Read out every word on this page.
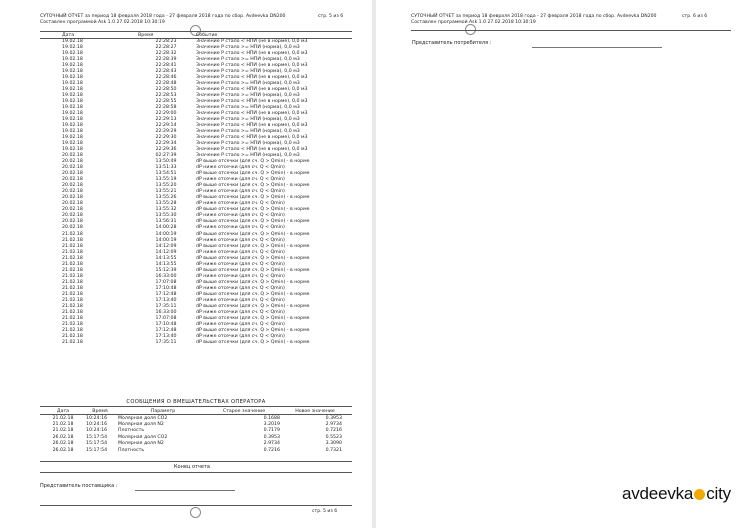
СУТОЧНЫЙ ОТЧЕТ за период 18 февраля 2018 года - 27 февраля 2018 года по сбор. Avdeevka DN200
Составлен программой Ask 1.0 27.02.2018 10:30:19
стр. 5 из 6
Дата	Время	Событие
19.02.18	22:28:23	Значение P стало < НПИ (не в норме), 0,0 м3
19.02.18	22:28:27	Значение P стало >= НПИ (норма), 0,0 м3
19.02.18	22:28:32	Значение P стало < НПИ (не в норме), 0,0 м3
19.02.18	22:28:39	Значение P стало >= НПИ (норма), 0,0 м3
19.02.18	22:28:41	Значение P стало < НПИ (не в норме), 0,0 м3
19.02.18	22:28:43	Значение P стало >= НПИ (норма), 0,0 м3
19.02.18	22:28:46	Значение P стало < НПИ (не в норме), 0,0 м3
19.02.18	22:28:48	Значение P стало >= НПИ (норма), 0,0 м3
19.02.18	22:28:50	Значение P стало < НПИ (не в норме), 0,0 м3
19.02.18	22:28:53	Значение P стало >= НПИ (норма), 0,0 м3
19.02.18	22:28:55	Значение P стало < НПИ (не в норме), 0,0 м3
19.02.18	22:28:58	Значение P стало >= НПИ (норма), 0,0 м3
19.02.18	22:29:00	Значение P стало < НПИ (не в норме), 0,0 м3
19.02.18	22:29:13	Значение P стало >= НПИ (норма), 0,0 м3
19.02.18	22:29:14	Значение P стало < НПИ (не в норме), 0,0 м3
19.02.18	22:29:29	Значение P стало >= НПИ (норма), 0,0 м3
19.02.18	22:29:30	Значение P стало < НПИ (не в норме), 0,0 м3
19.02.18	22:29:34	Значение P стало >= НПИ (норма), 0,0 м3
19.02.18	22:29:36	Значение P стало < НПИ (не в норме), 0,0 м3
20.02.18	02:27:39	Значение P стало >= НПИ (норма), 0,0 м3
20.02.18	13:50:49	dP выше отсечки (для сч. Q > Qmin) - в норме
20.02.18	13:51:33	dP ниже отсечки (для сч. Q < Qmin)
20.02.18	13:54:51	dP выше отсечки (для сч. Q > Qmin) - в норме
20.02.18	13:55:19	dP ниже отсечки (для сч. Q < Qmin)
20.02.18	13:55:20	dP выше отсечки (для сч. Q > Qmin) - в норме
20.02.18	13:55:21	dP ниже отсечки (для сч. Q < Qmin)
20.02.18	13:55:26	dP выше отсечки (для сч. Q > Qmin) - в норме
20.02.18	13:55:28	dP ниже отсечки (для сч. Q < Qmin)
20.02.18	13:55:32	dP выше отсечки (для сч. Q > Qmin) - в норме
20.02.18	13:55:30	dP ниже отсечки (для сч. Q < Qmin)
20.02.18	13:56:31	dP выше отсечки (для сч. Q > Qmin) - в норме
20.02.18	14:00:28	dP ниже отсечки (для сч. Q < Qmin)
21.02.18	14:00:19	dP выше отсечки (для сч. Q > Qmin) - в норме
21.02.18	14:00:19	dP ниже отсечки (для сч. Q < Qmin)
21.02.18	14:12:09	dP выше отсечки (для сч. Q > Qmin) - в норме
21.02.18	14:12:09	dP ниже отсечки (для сч. Q < Qmin)
21.02.18	14:13:55	dP выше отсечки (для сч. Q > Qmin) - в норме
21.02.18	14:13:55	dP ниже отсечки (для сч. Q < Qmin)
21.02.18	15:12:39	dP выше отсечки (для сч. Q > Qmin) - в норме
21.02.18	16:33:00	dP ниже отсечки (для сч. Q < Qmin)
21.02.18	17:07:08	dP выше отсечки (для сч. Q > Qmin) - в норме
21.02.18	17:10:48	dP ниже отсечки (для сч. Q < Qmin)
21.02.18	17:12:48	dP выше отсечки (для сч. Q > Qmin) - в норме
21.02.18	17:13:40	dP ниже отсечки (для сч. Q < Qmin)
21.02.18	17:35:11	dP выше отсечки (для сч. Q > Qmin) - в норме
21.02.18	16:33:00	dP ниже отсечки (для сч. Q < Qmin)
21.02.18	17:07:08	dP выше отсечки (для сч. Q > Qmin) - в норме
21.02.18	17:10:48	dP ниже отсечки (для сч. Q < Qmin)
21.02.18	17:12:48	dP выше отсечки (для сч. Q > Qmin) - в норме
21.02.18	17:13:40	dP ниже отсечки (для сч. Q < Qmin)
21.02.18	17:35:11	dP выше отсечки (для сч. Q > Qmin) - в норме
СООБЩЕНИЯ О ВМЕШАТЕЛЬСТВАХ ОПЕРАТОРА
Дата	Время	Параметр	Старое значение	Новое значение
21.02.18	10:24:16	Молярная доля CO2	0.1688	0.3953
21.02.18	10:24:16	Молярная доля N2	3.2019	2.9734
21.02.18	10:24:16	Плотность	0.7179	0.7216
26.02.18	15:17:54	Молярная доля CO2	0.3953	0.5523
26.02.18	15:17:54	Молярная доля N2	2.9734	3.3090
26.02.18	15:17:54	Плотность	0.7216	0.7321
Конец отчета
Представитель поставщика :
стр. 5 из 6
СУТОЧНЫЙ ОТЧЕТ за период 18 февраля 2018 года - 27 февраля 2018 года по сбор. Avdeevka DN200
Составлен программой Ask 1.0 27.02.2018 10:30:19
стр. 6 из 6
Представитель потребителя :
avdeevka city
